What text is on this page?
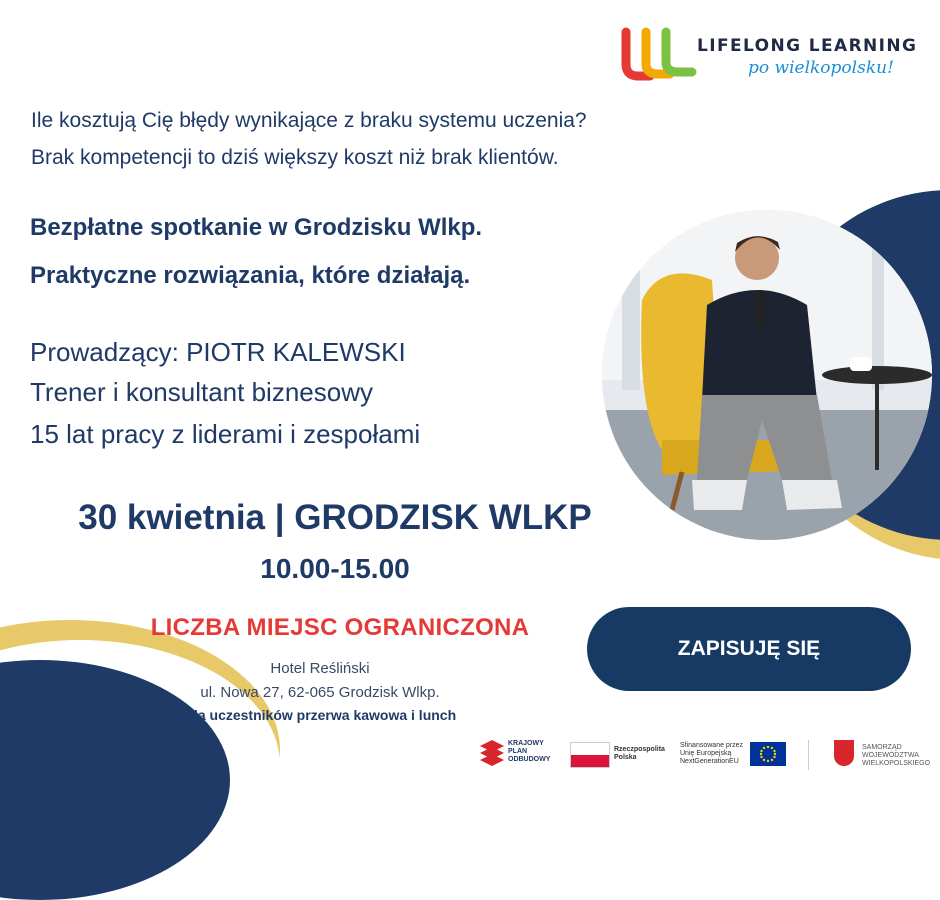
LIFELONG LEARNING
po wielkopolsku!
Ile kosztują Cię błędy wynikające z braku systemu uczenia?
Brak kompetencji to dziś większy koszt niż brak klientów.
Bezpłatne spotkanie w Grodzisku Wlkp.
Praktyczne rozwiązania, które działają.
Prowadzący: PIOTR KALEWSKI
Trener i konsultant biznesowy
15 lat pracy z liderami i zespołami
30 kwietnia | GRODZISK WLKP
10.00-15.00
LICZBA MIEJSC OGRANICZONA
Hotel Reśliński
ul. Nowa 27, 62-065 Grodzisk Wlkp.
Dla uczestników przerwa kawowa i lunch
ZAPISUJĘ SIĘ
KRAJOWY
PLAN
ODBUDOWY
Rzeczpospolita
Polska
Sfinansowane przez
Unię Europejską
NextGenerationEU
SAMORZĄD
WOJEWÓDZTWA
WIELKOPOLSKIEGO
